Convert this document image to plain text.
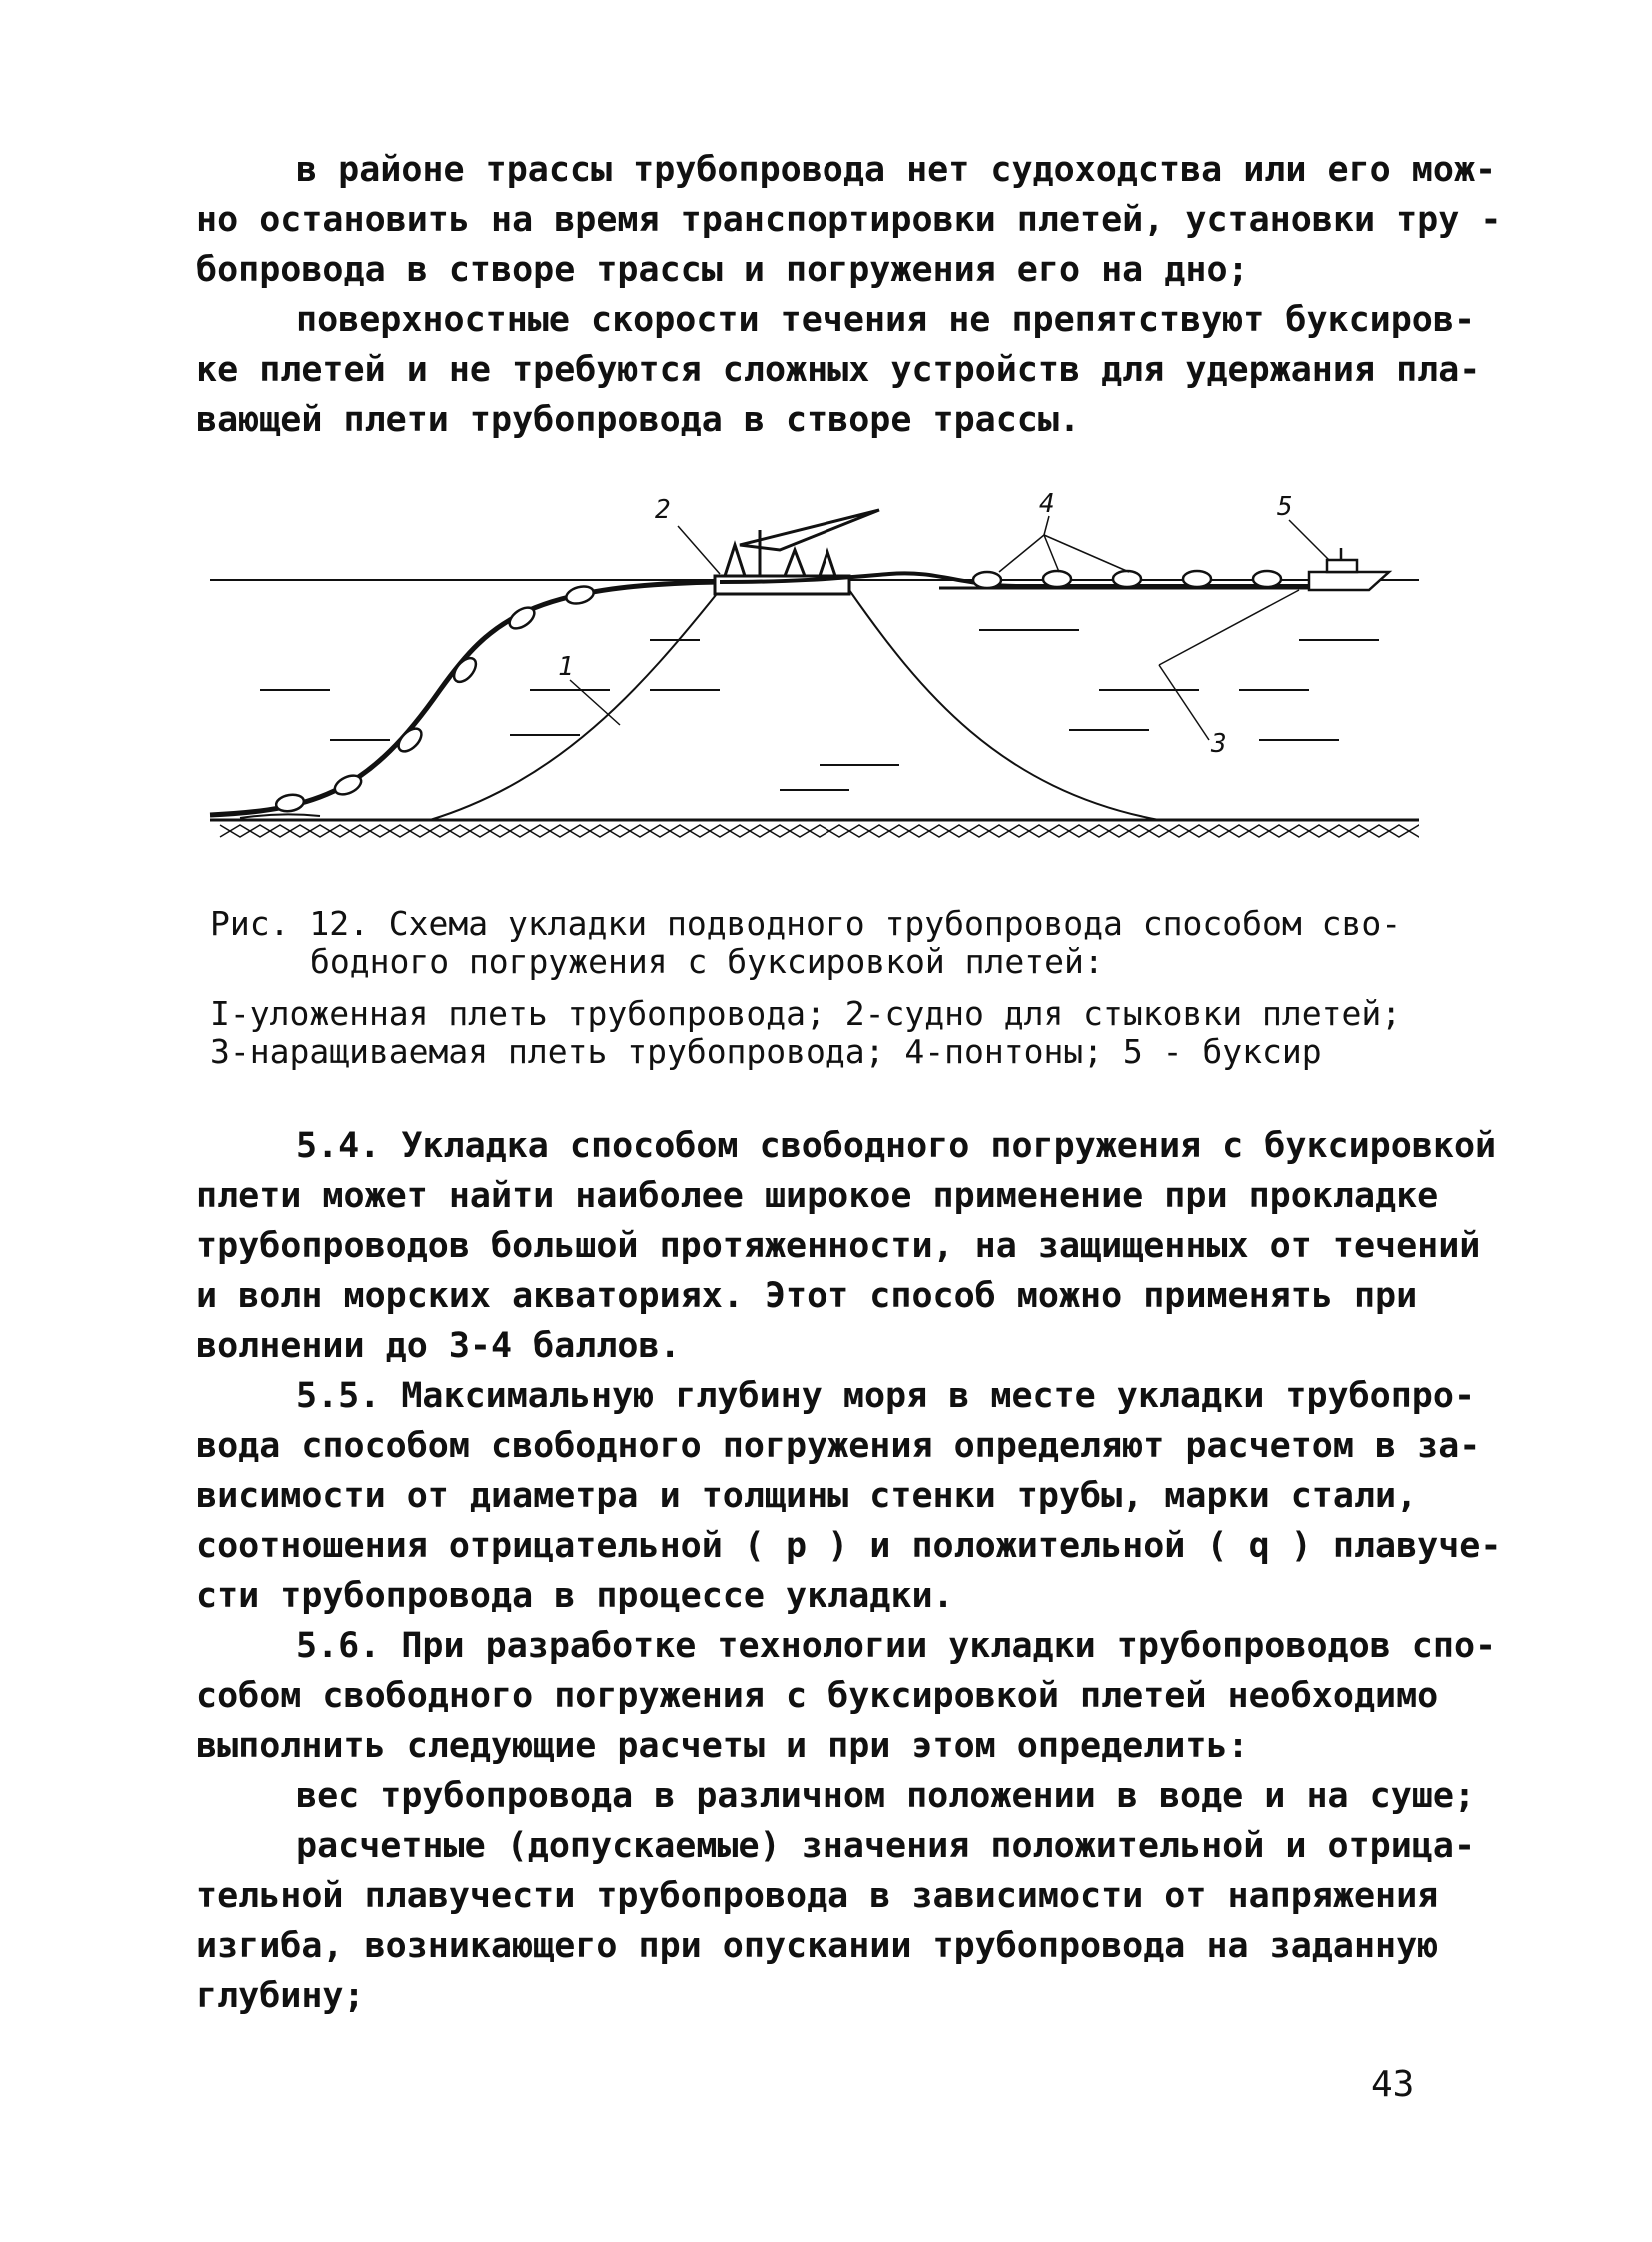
в районе трассы трубопровода нет судоходства или его мож-
но остановить на время транспортировки плетей, установки тру -
бопровода в створе трассы и погружения его на дно;

поверхностные скорости течения не препятствуют буксиров-
ке плетей и не требуются сложных устройств для удержания пла-
вающей плети трубопровода в створе трассы.

2	4	5
3
1
Рис. 12. Схема укладки подводного трубопровода способом сво-
бодного погружения с буксировкой плетей:
I-уложенная плеть трубопровода; 2-судно для стыковки плетей;
3-наращиваемая плеть трубопровода; 4-понтоны; 5 - буксир

5.4. Укладка способом свободного погружения с буксировкой
плети может найти наиболее широкое применение при прокладке
трубопроводов большой протяженности, на защищенных от течений
и волн морских акваториях. Этот способ можно применять при
волнении до 3-4 баллов.

5.5. Максимальную глубину моря в месте укладки трубопро-
вода способом свободного погружения определяют расчетом в за-
висимости от диаметра и толщины стенки трубы, марки стали,
соотношения отрицательной ( р ) и положительной ( q ) плавуче-
сти трубопровода в процессе укладки.

5.6. При разработке технологии укладки трубопроводов спо-
собом свободного погружения с буксировкой плетей необходимо
выполнить следующие расчеты и при этом определить:

вес трубопровода в различном положении в воде и на суше;

расчетные (допускаемые) значения положительной и отрица-
тельной плавучести трубопровода в зависимости от напряжения
изгиба, возникающего при опускании трубопровода на заданную
глубину;

43
